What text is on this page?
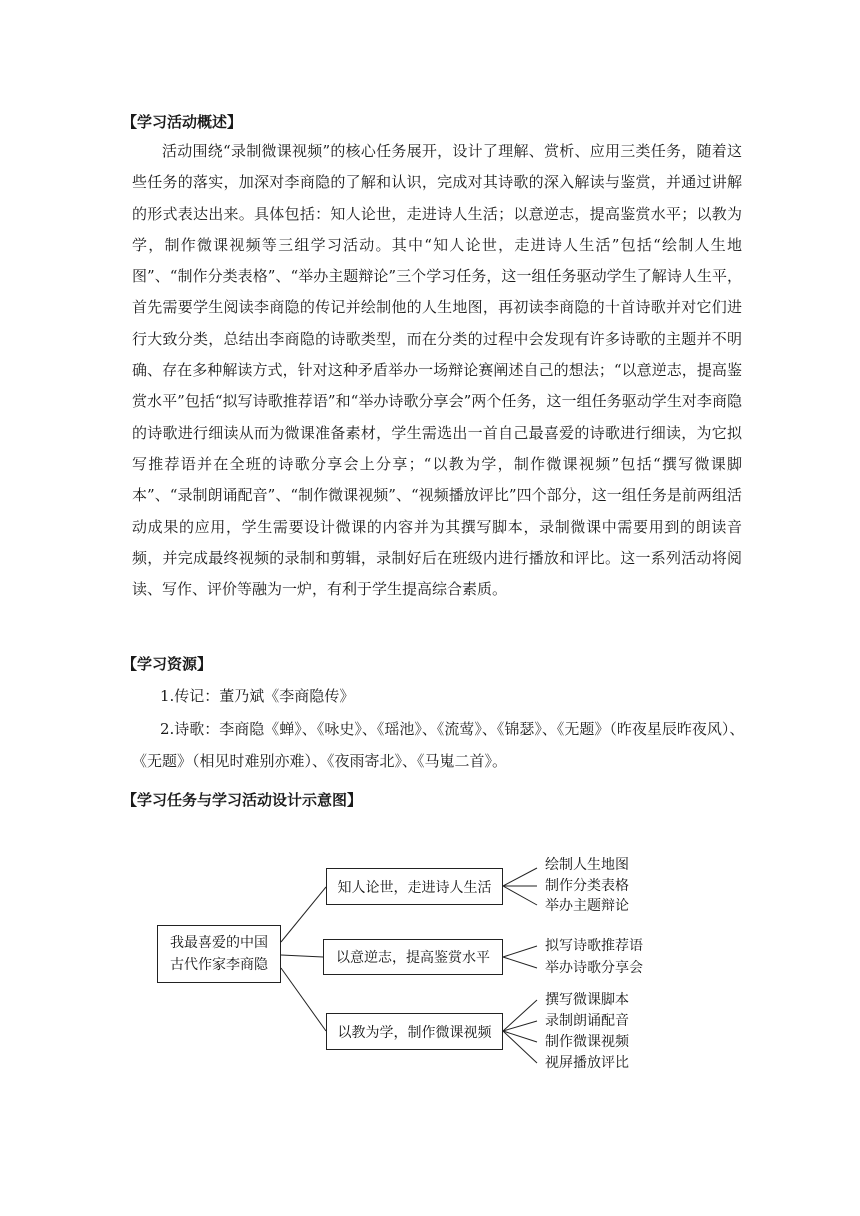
【学习活动概述】
活动围绕“录制微课视频”的核心任务展开，设计了理解、赏析、应用三类任务，随着这些任务的落实，加深对李商隐的了解和认识，完成对其诗歌的深入解读与鉴赏，并通过讲解的形式表达出来。具体包括：知人论世，走进诗人生活；以意逆志，提高鉴赏水平；以教为学，制作微课视频等三组学习活动。其中“知人论世，走进诗人生活”包括“绘制人生地图”、“制作分类表格”、“举办主题辩论”三个学习任务，这一组任务驱动学生了解诗人生平，首先需要学生阅读李商隐的传记并绘制他的人生地图，再初读李商隐的十首诗歌并对它们进行大致分类，总结出李商隐的诗歌类型，而在分类的过程中会发现有许多诗歌的主题并不明确、存在多种解读方式，针对这种矛盾举办一场辩论赛阐述自己的想法；“以意逆志，提高鉴赏水平”包括“拟写诗歌推荐语”和“举办诗歌分享会”两个任务，这一组任务驱动学生对李商隐的诗歌进行细读从而为微课准备素材，学生需选出一首自己最喜爱的诗歌进行细读，为它拟写推荐语并在全班的诗歌分享会上分享；“以教为学，制作微课视频”包括“撰写微课脚本”、“录制朗诵配音”、“制作微课视频”、“视频播放评比”四个部分，这一组任务是前两组活动成果的应用，学生需要设计微课的内容并为其撰写脚本，录制微课中需要用到的朗读音频，并完成最终视频的录制和剪辑，录制好后在班级内进行播放和评比。这一系列活动将阅读、写作、评价等融为一炉，有利于学生提高综合素质。
【学习资源】
1.传记：董乃斌《李商隐传》
2.诗歌：李商隐《蝉》、《咏史》、《瑶池》、《流莺》、《锦瑟》、《无题》（昨夜星辰昨夜风）、
《无题》（相见时难别亦难）、《夜雨寄北》、《马嵬二首》。
【学习任务与学习活动设计示意图】
我最喜爱的中国
古代作家李商隐
知人论世，走进诗人生活
以意逆志，提高鉴赏水平
以教为学，制作微课视频
绘制人生地图
制作分类表格
举办主题辩论
拟写诗歌推荐语
举办诗歌分享会
撰写微课脚本
录制朗诵配音
制作微课视频
视屏播放评比
